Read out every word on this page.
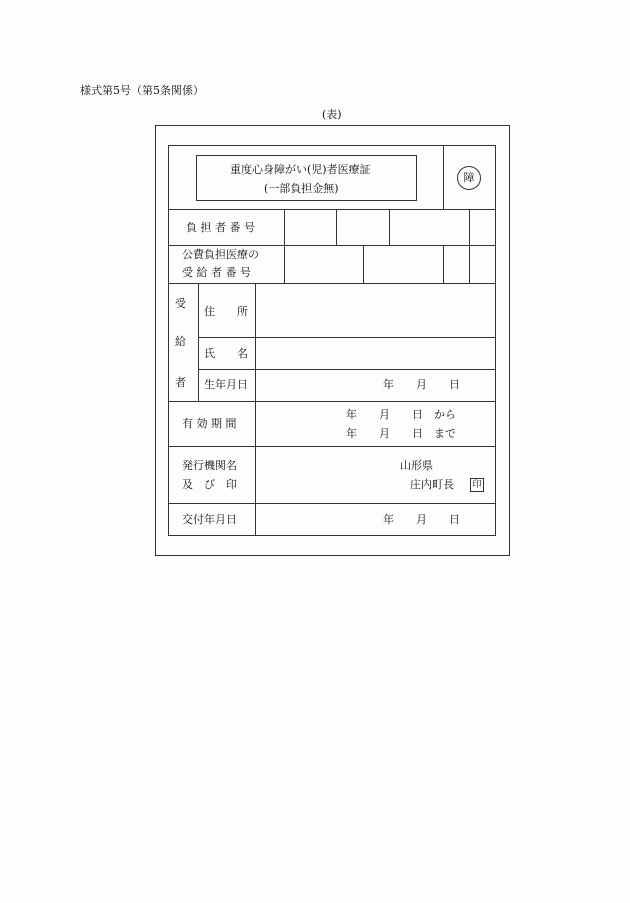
様式第5号（第5条関係）
(表)
重度心身障がい(児)者医療証
(一部負担金無)
障
負 担 者 番 号
公費負担医療の
受 給 者 番 号
受
給
者
住　　所
氏　　名
生年月日	年　　月　　日
有 効 期 間
年　　月　　日　から
年　　月　　日　まで
発行機関名
及　び　印
山形県
庄内町長 印
交付年月日	年　　月　　日
